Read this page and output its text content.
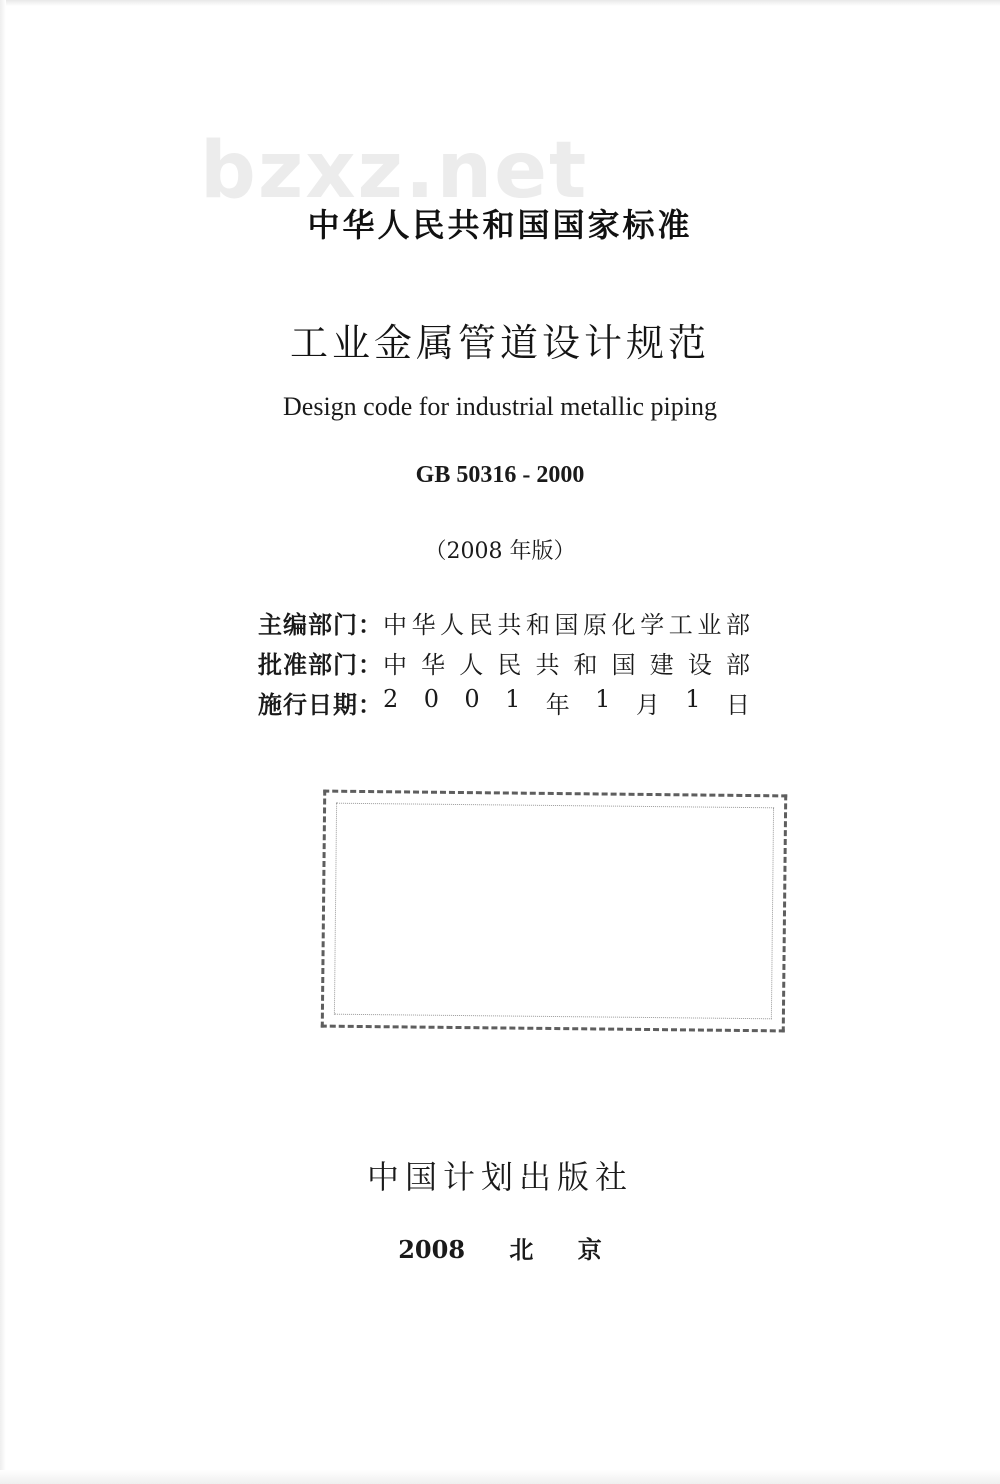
bzxz.net
中华人民共和国国家标准
工业金属管道设计规范
Design code for industrial metallic piping
GB 50316 - 2000
（2008 年版）
主编部门： 中 华 人 民 共 和 国 原 化 学 工 业 部
批准部门： 中 华 人 民 共 和 国 建 设 部
施行日期： 2 0 0 1 年 1 月 1 日
中国计划出版社
2008 北 京
